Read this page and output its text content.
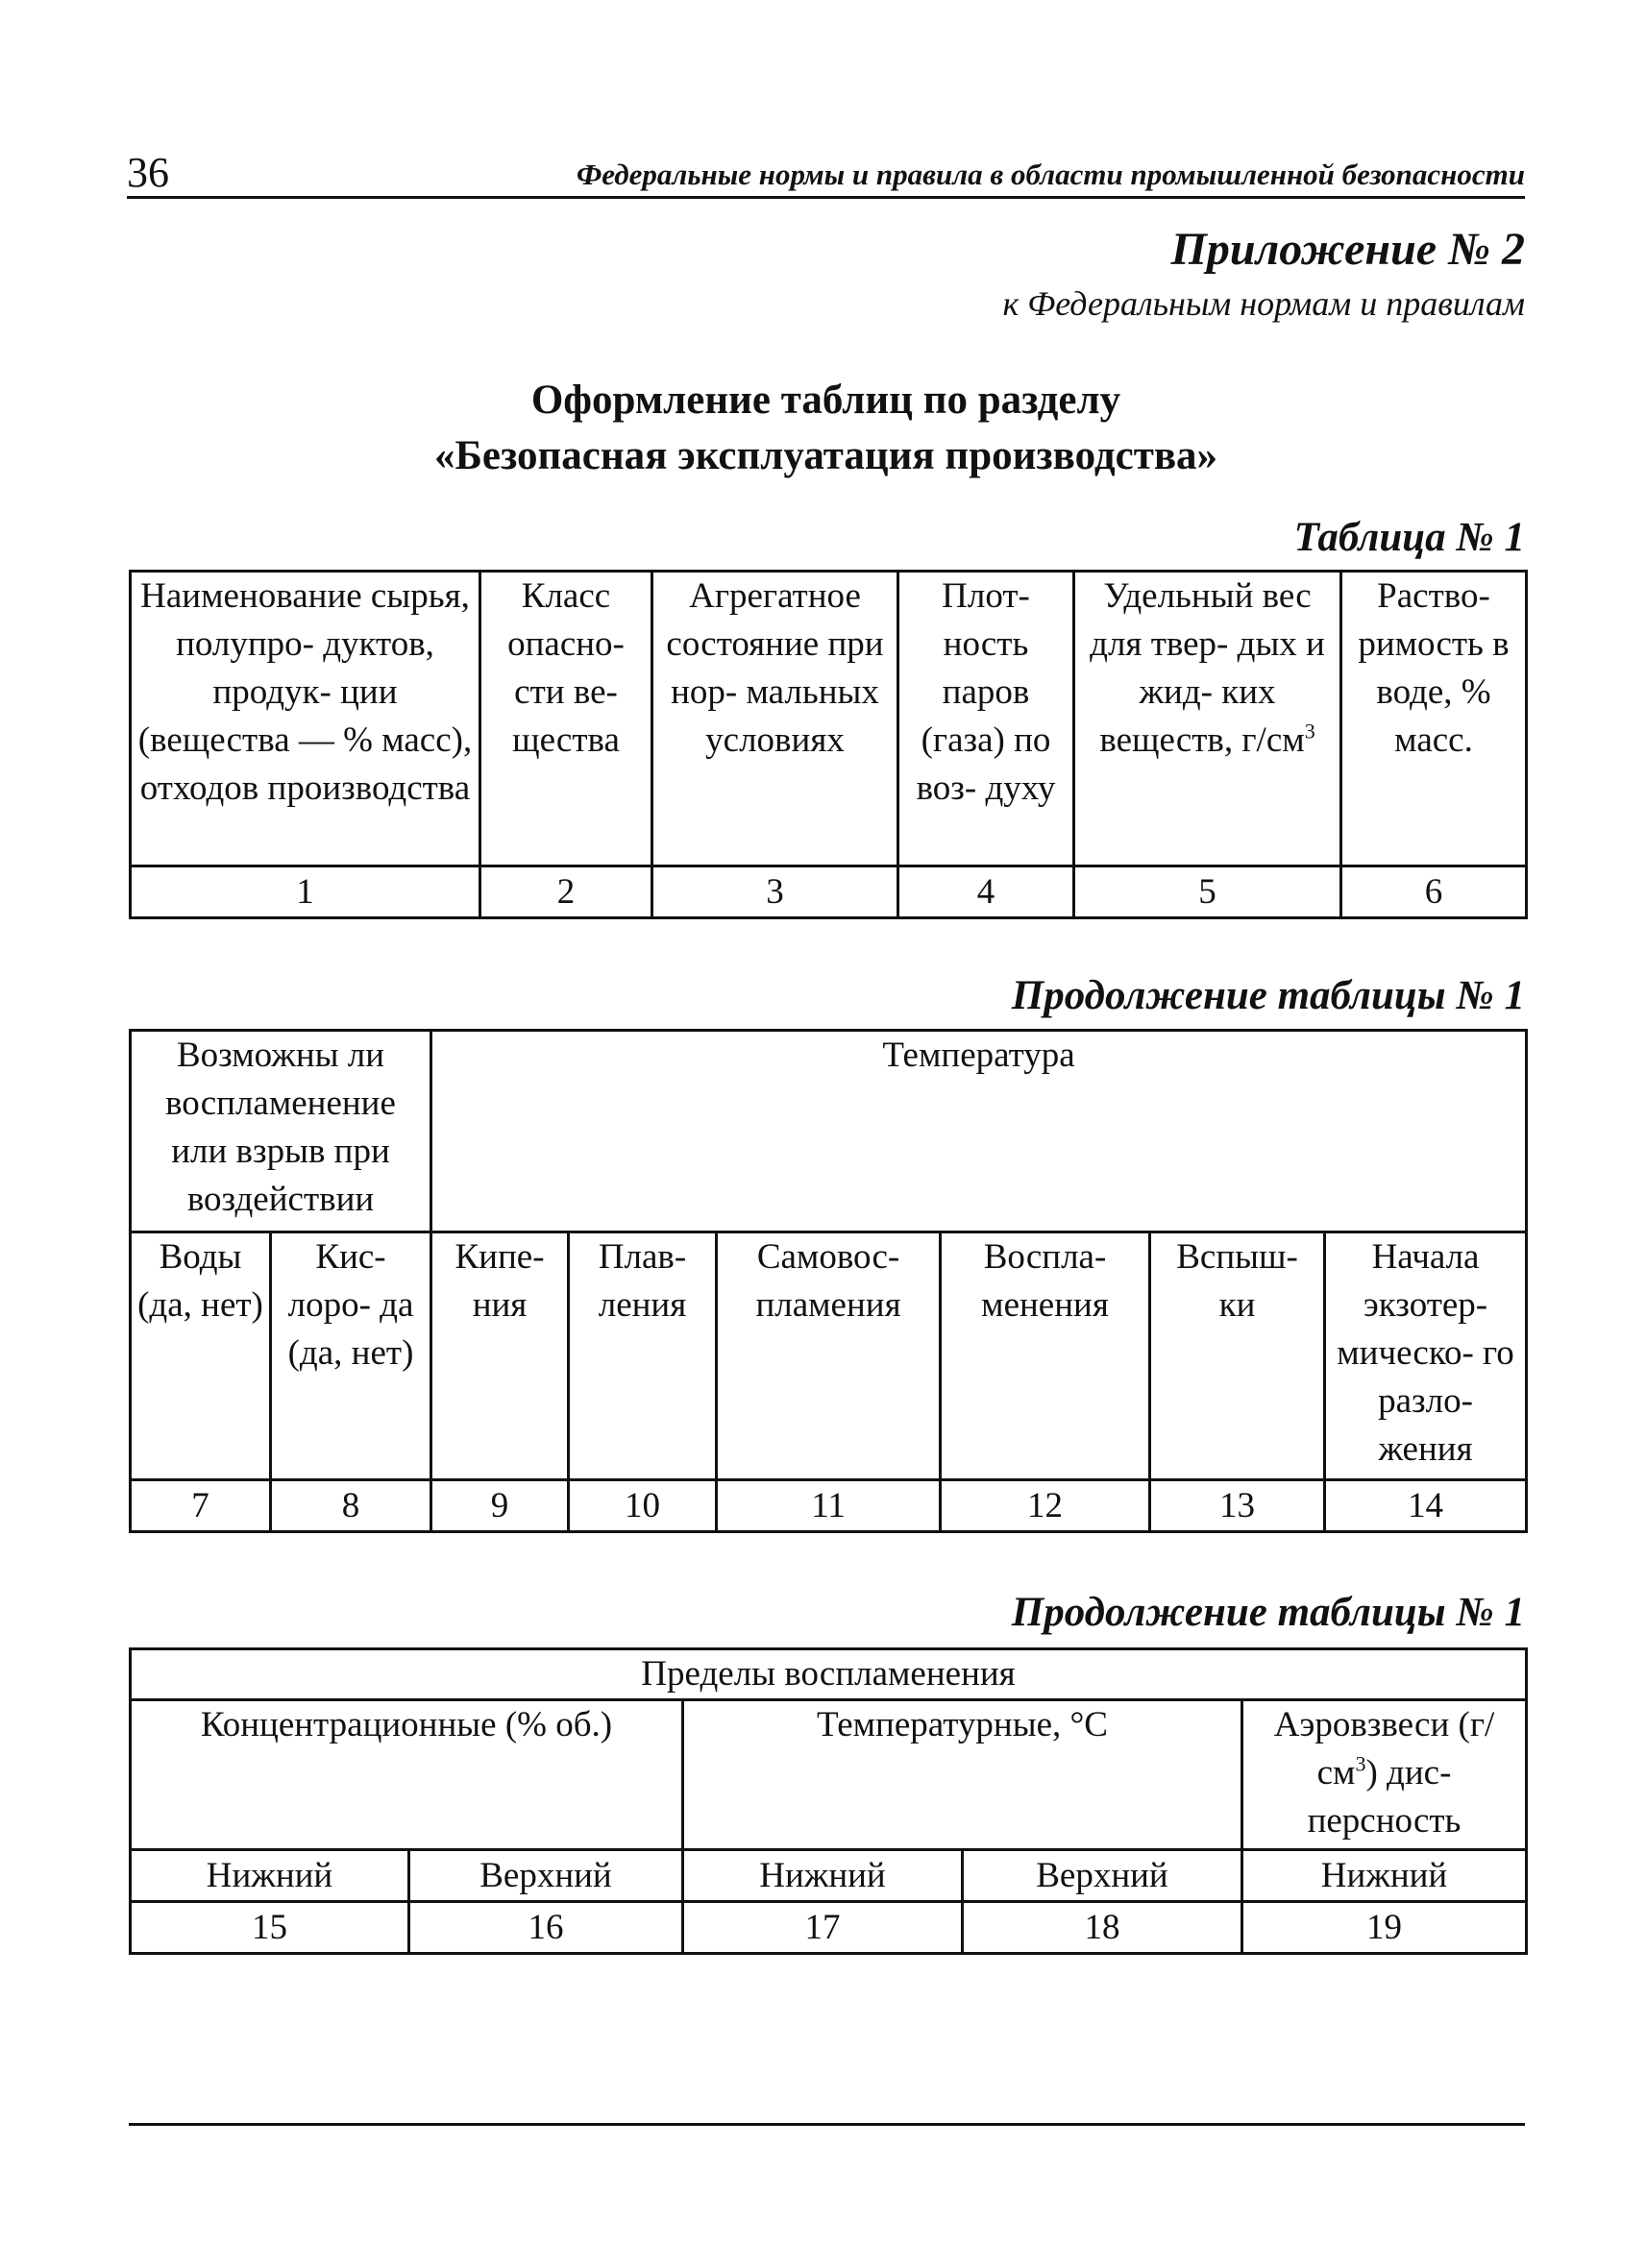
36	Федеральные нормы и правила в области промышленной безопасности
Приложение № 2
к Федеральным нормам и правилам
Оформление таблиц по разделу
«Безопасная эксплуатация производства»
Таблица № 1
Наименование сырья, полупро- дуктов, продук- ции (вещества — % масс), отходов производства	Класс опасно- сти ве- щества	Агрегатное состояние при нор- мальных условиях	Плот- ность паров (газа) по воз- духу	Удельный вес для твер- дых и жид- ких веществ, $г/см^3$	Раство- римость в воде, % масс.
1	2	3	4	5	6
Продолжение таблицы № 1
Возможны ли воспламенение или взрыв при воздействии		Температура					
Воды (да, нет)	Кис- лоро- да (да, нет)	Кипе- ния	Плав- ления	Самовос- пламения	Воспла- менения	Вспыш- ки	Начала экзотер- мическо- го разло- жения
7	8	9	10	11	12	13	14
Продолжение таблицы № 1
Пределы воспламенения				
Концентрационные (% об.)		Температурные, °С		Аэровзвеси $(г/см^3)$ дис- персность
Нижний	Верхний	Нижний	Верхний	Нижний
15	16	17	18	19
